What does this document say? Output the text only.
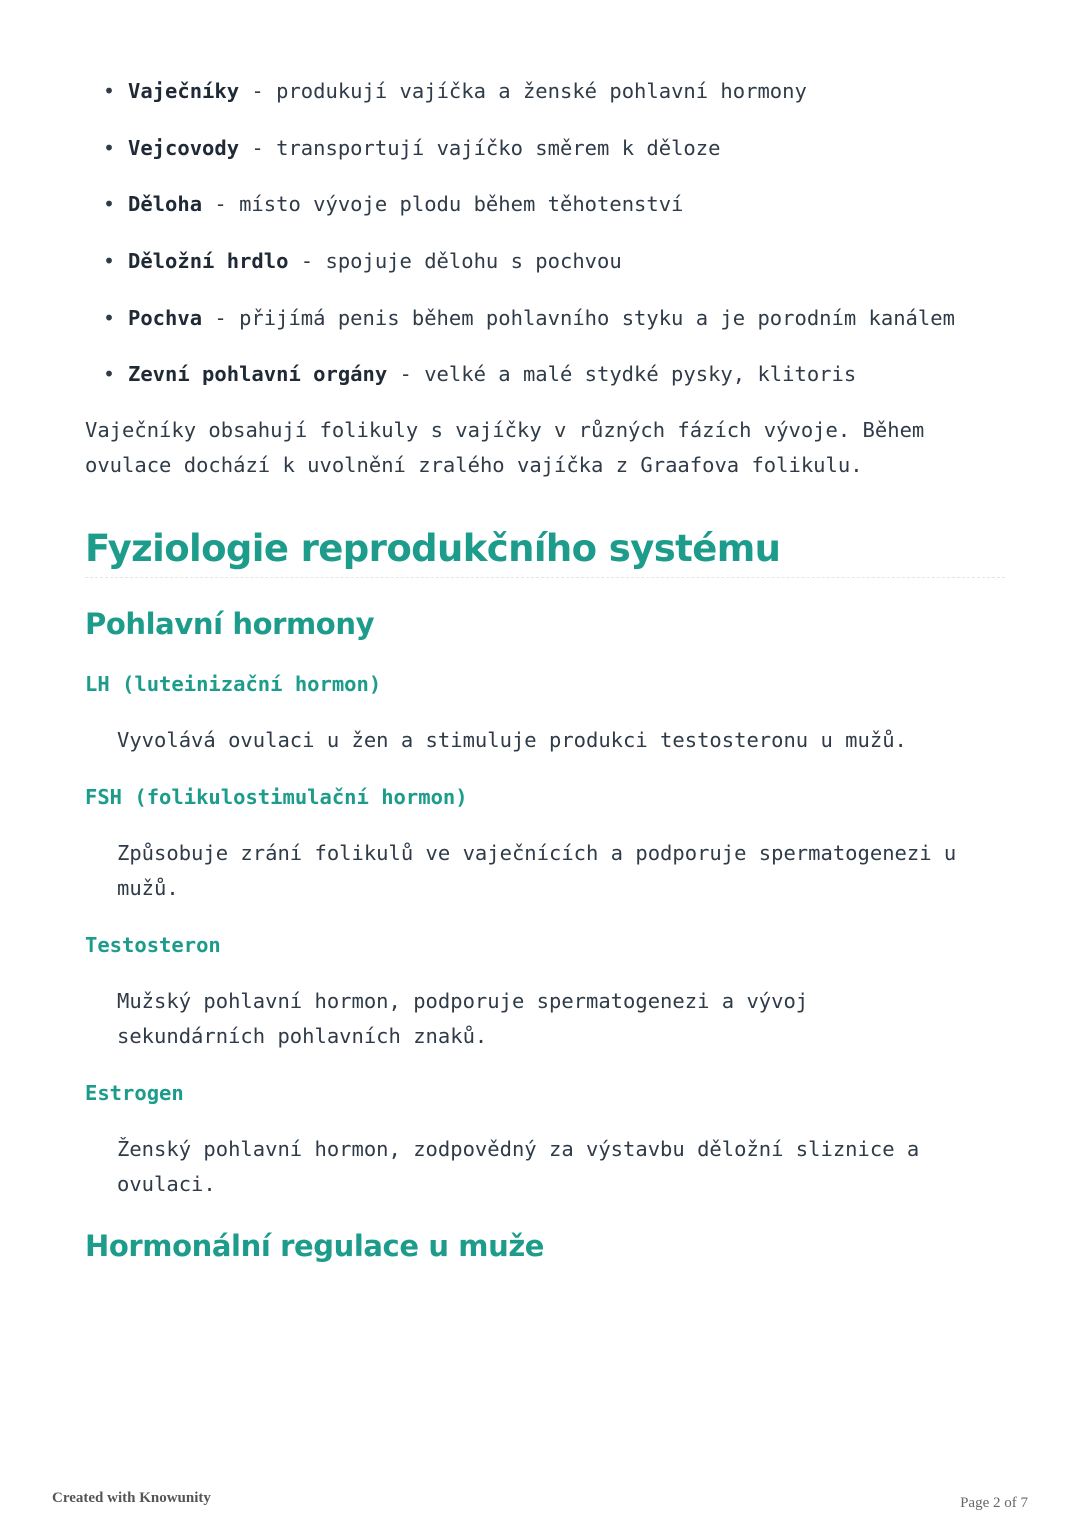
• Vaječníky - produkují vajíčka a ženské pohlavní hormony
• Vejcovody - transportují vajíčko směrem k děloze
• Děloha - místo vývoje plodu během těhotenství
• Děložní hrdlo - spojuje dělohu s pochvou
• Pochva - přijímá penis během pohlavního styku a je porodním kanálem
• Zevní pohlavní orgány - velké a malé stydké pysky, klitoris

Vaječníky obsahují folikuly s vajíčky v různých fázích vývoje. Během ovulace dochází k uvolnění zralého vajíčka z Graafova folikulu.

Fyziologie reprodukčního systému
Pohlavní hormony
LH (luteinizační hormon)

Vyvolává ovulaci u žen a stimuluje produkci testosteronu u mužů.

FSH (folikulostimulační hormon)

Způsobuje zrání folikulů ve vaječnících a podporuje spermatogenezi u mužů.

Testosteron

Mužský pohlavní hormon, podporuje spermatogenezi a vývoj sekundárních pohlavních znaků.

Estrogen

Ženský pohlavní hormon, zodpovědný za výstavbu děložní sliznice a ovulaci.

Hormonální regulace u muže
Created with Knowunity	Page 2 of 7
